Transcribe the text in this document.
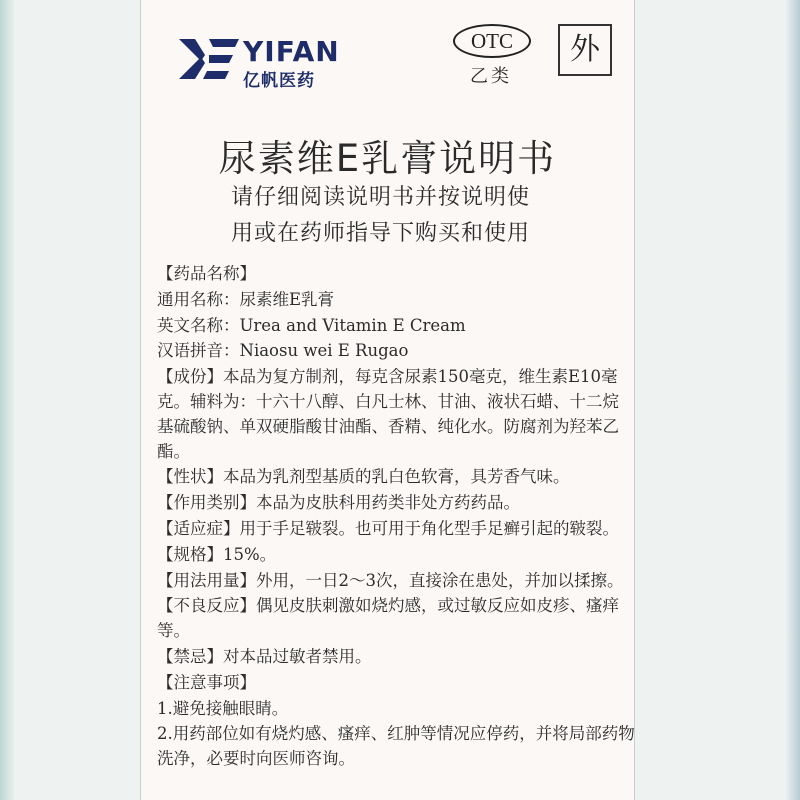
YIFAN
亿帆医药
OTC
乙类
外
尿素维E乳膏说明书
请仔细阅读说明书并按说明使
用或在药师指导下购买和使用

【药品名称】

通用名称：尿素维E乳膏

英文名称：Urea and Vitamin E Cream

汉语拼音：Niaosu wei E Rugao

【成份】本品为复方制剂，每克含尿素150毫克，维生素E10毫克。辅料为：十六十八醇、白凡士林、甘油、液状石蜡、十二烷基硫酸钠、单双硬脂酸甘油酯、香精、纯化水。防腐剂为羟苯乙酯。

【性状】本品为乳剂型基质的乳白色软膏，具芳香气味。

【作用类别】本品为皮肤科用药类非处方药药品。

【适应症】用于手足皲裂。也可用于角化型手足癣引起的皲裂。

【规格】15%。

【用法用量】外用，一日2～3次，直接涂在患处，并加以揉擦。

【不良反应】偶见皮肤刺激如烧灼感，或过敏反应如皮疹、瘙痒等。

【禁忌】对本品过敏者禁用。

【注意事项】

1.避免接触眼睛。

2.用药部位如有烧灼感、瘙痒、红肿等情况应停药，并将局部药物洗净，必要时向医师咨询。
